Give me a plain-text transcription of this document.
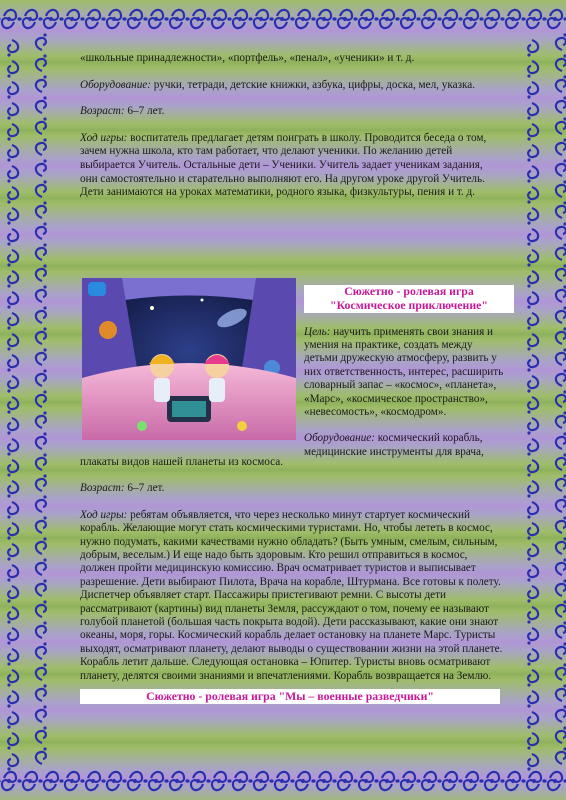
«школьные принадлежности», «портфель», «пенал», «ученики» и т. д.

Оборудование: ручки, тетради, детские книжки, азбука, цифры, доска, мел, указка.

Возраст: 6–7 лет.

Ход игры: воспитатель предлагает детям поиграть в школу. Проводится беседа о том, зачем нужна школа, кто там работает, что делают ученики. По желанию детей выбирается Учитель. Остальные дети – Ученики. Учитель задает ученикам задания, они самостоятельно и старательно выполняют его. На другом уроке другой Учитель. Дети занимаются на уроках математики, родного языка, физкультуры, пения и т. д.

Сюжетно - ролевая игра
"Космическое приключение"

Цель: научить применять свои знания и умения на практике, создать между детьми дружескую атмосферу, развить у них ответственность, интерес, расширить словарный запас – «космос», «планета», «Марс», «космическое пространство», «невесомость», «космодром».

Оборудование: космический корабль, медицинские инструменты для врача,

плакаты видов нашей планеты из космоса.

Возраст: 6–7 лет.

Ход игры: ребятам объявляется, что через несколько минут стартует космический корабль. Желающие могут стать космическими туристами. Но, чтобы лететь в космос, нужно подумать, какими качествами нужно обладать? (Быть умным, смелым, сильным, добрым, веселым.) И еще надо быть здоровым. Кто решил отправиться в космос, должен пройти медицинскую комиссию. Врач осматривает туристов и выписывает разрешение. Дети выбирают Пилота, Врача на корабле, Штурмана. Все готовы к полету. Диспетчер объявляет старт. Пассажиры пристегивают ремни. С высоты дети рассматривают (картины) вид планеты Земля, рассуждают о том, почему ее называют голубой планетой (большая часть покрыта водой). Дети рассказывают, какие они знают океаны, моря, горы. Космический корабль делает остановку на планете Марс. Туристы выходят, осматривают планету, делают выводы о существовании жизни на этой планете. Корабль летит дальше. Следующая остановка – Юпитер. Туристы вновь осматривают планету, делятся своими знаниями и впечатлениями. Корабль возвращается на Землю.

Сюжетно - ролевая игра "Мы – военные разведчики"
